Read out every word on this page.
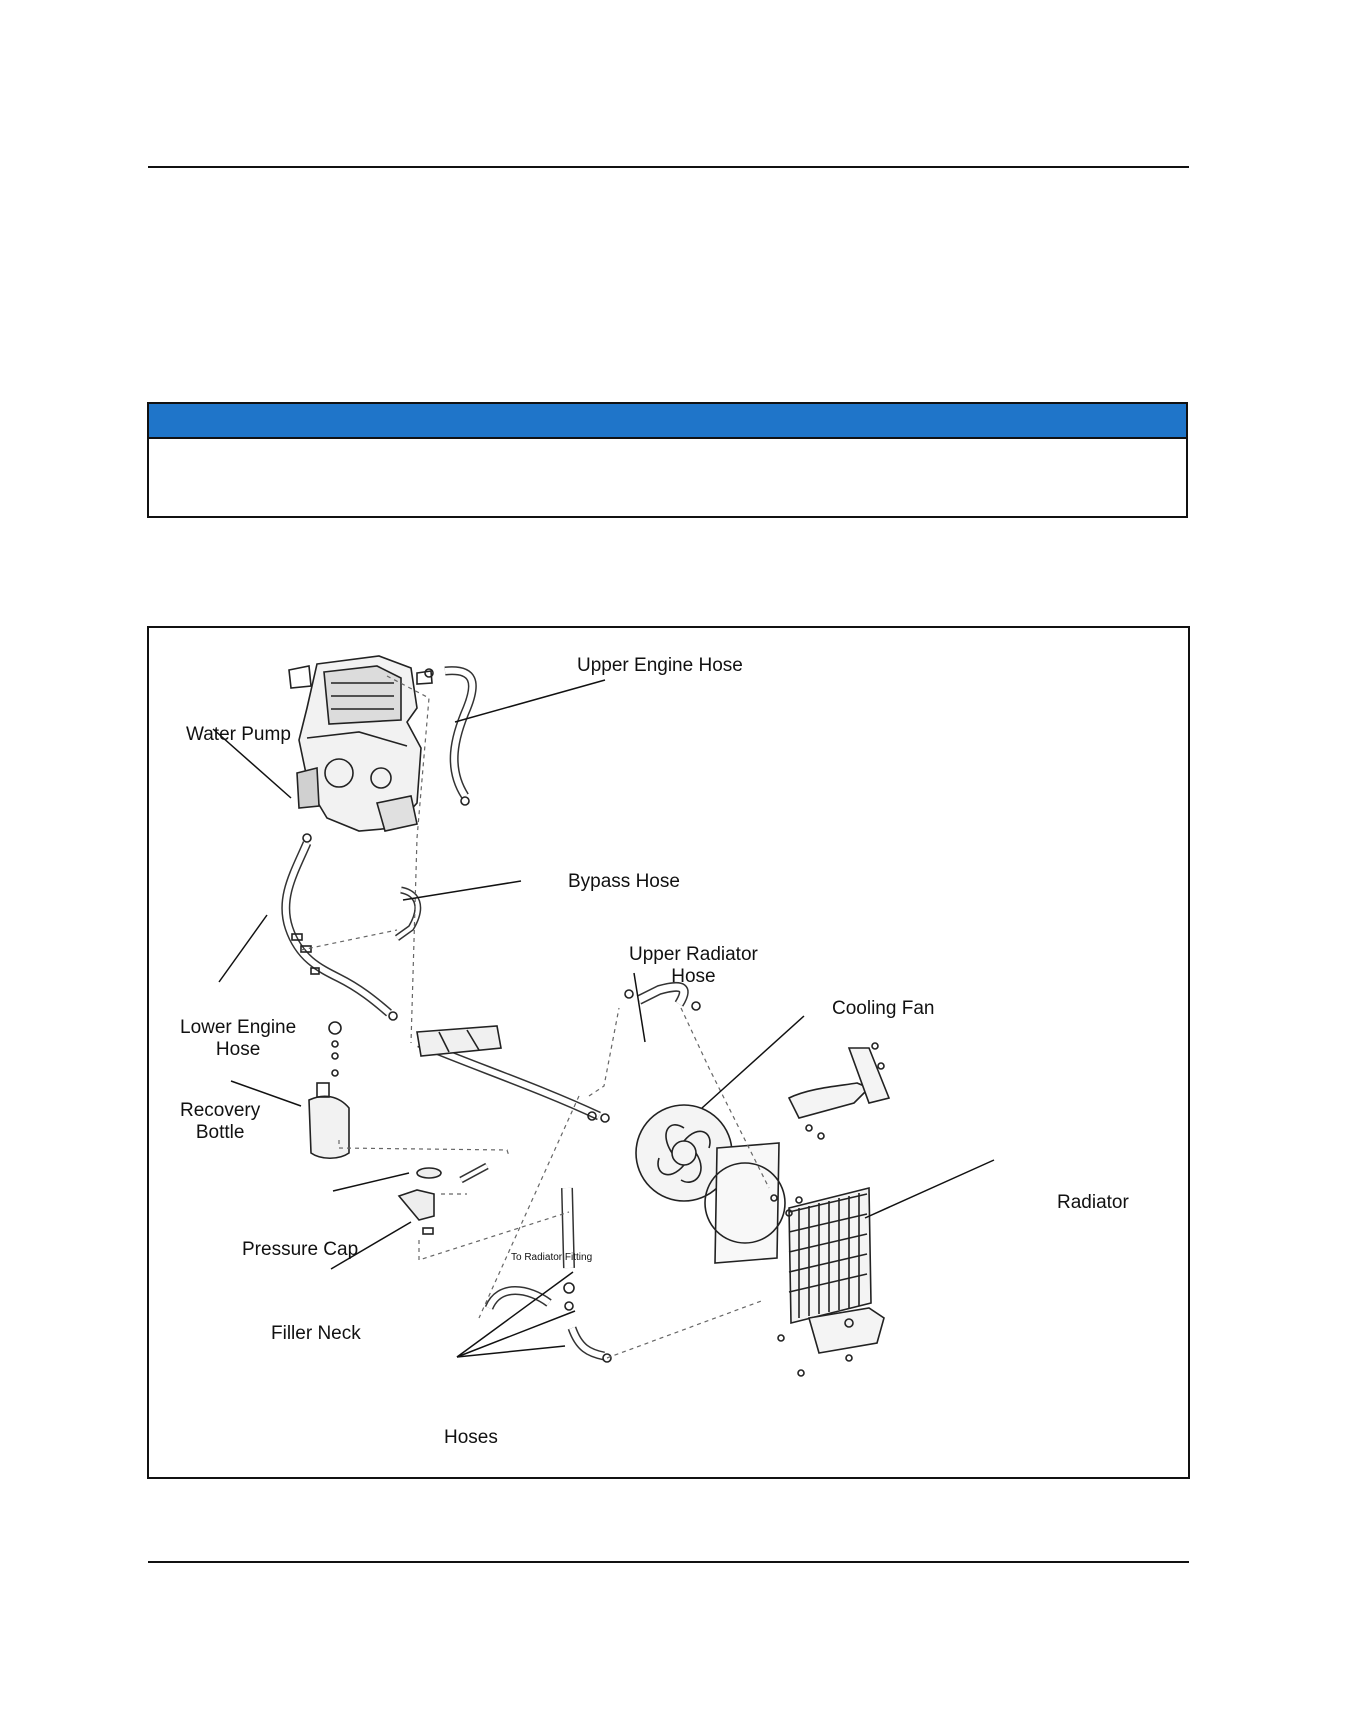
Upper Engine Hose
Water Pump
Bypass Hose
Upper Radiator
Hose
Cooling Fan
Lower Engine
Hose
Recovery
Bottle
Radiator
Pressure Cap	To Radiator Fitting
Filler Neck
Hoses
